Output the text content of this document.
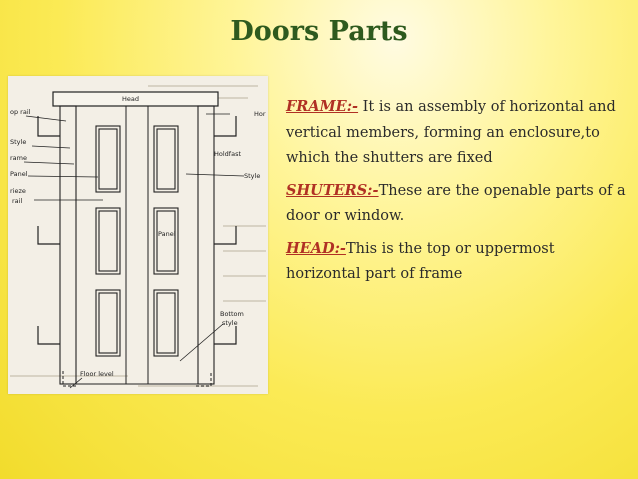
Doors Parts
Head
op rail
Style
rame
Panel
rieze
rail
Hor
Holdfast
Style
Panel
Bottom
style
Floor level

FRAME:- It is an assembly of horizontal and vertical members, forming an enclosure,to which the shutters are fixed

SHUTERS:-These are the openable parts of a door or window.

HEAD:-This is the top or uppermost horizontal part of frame
